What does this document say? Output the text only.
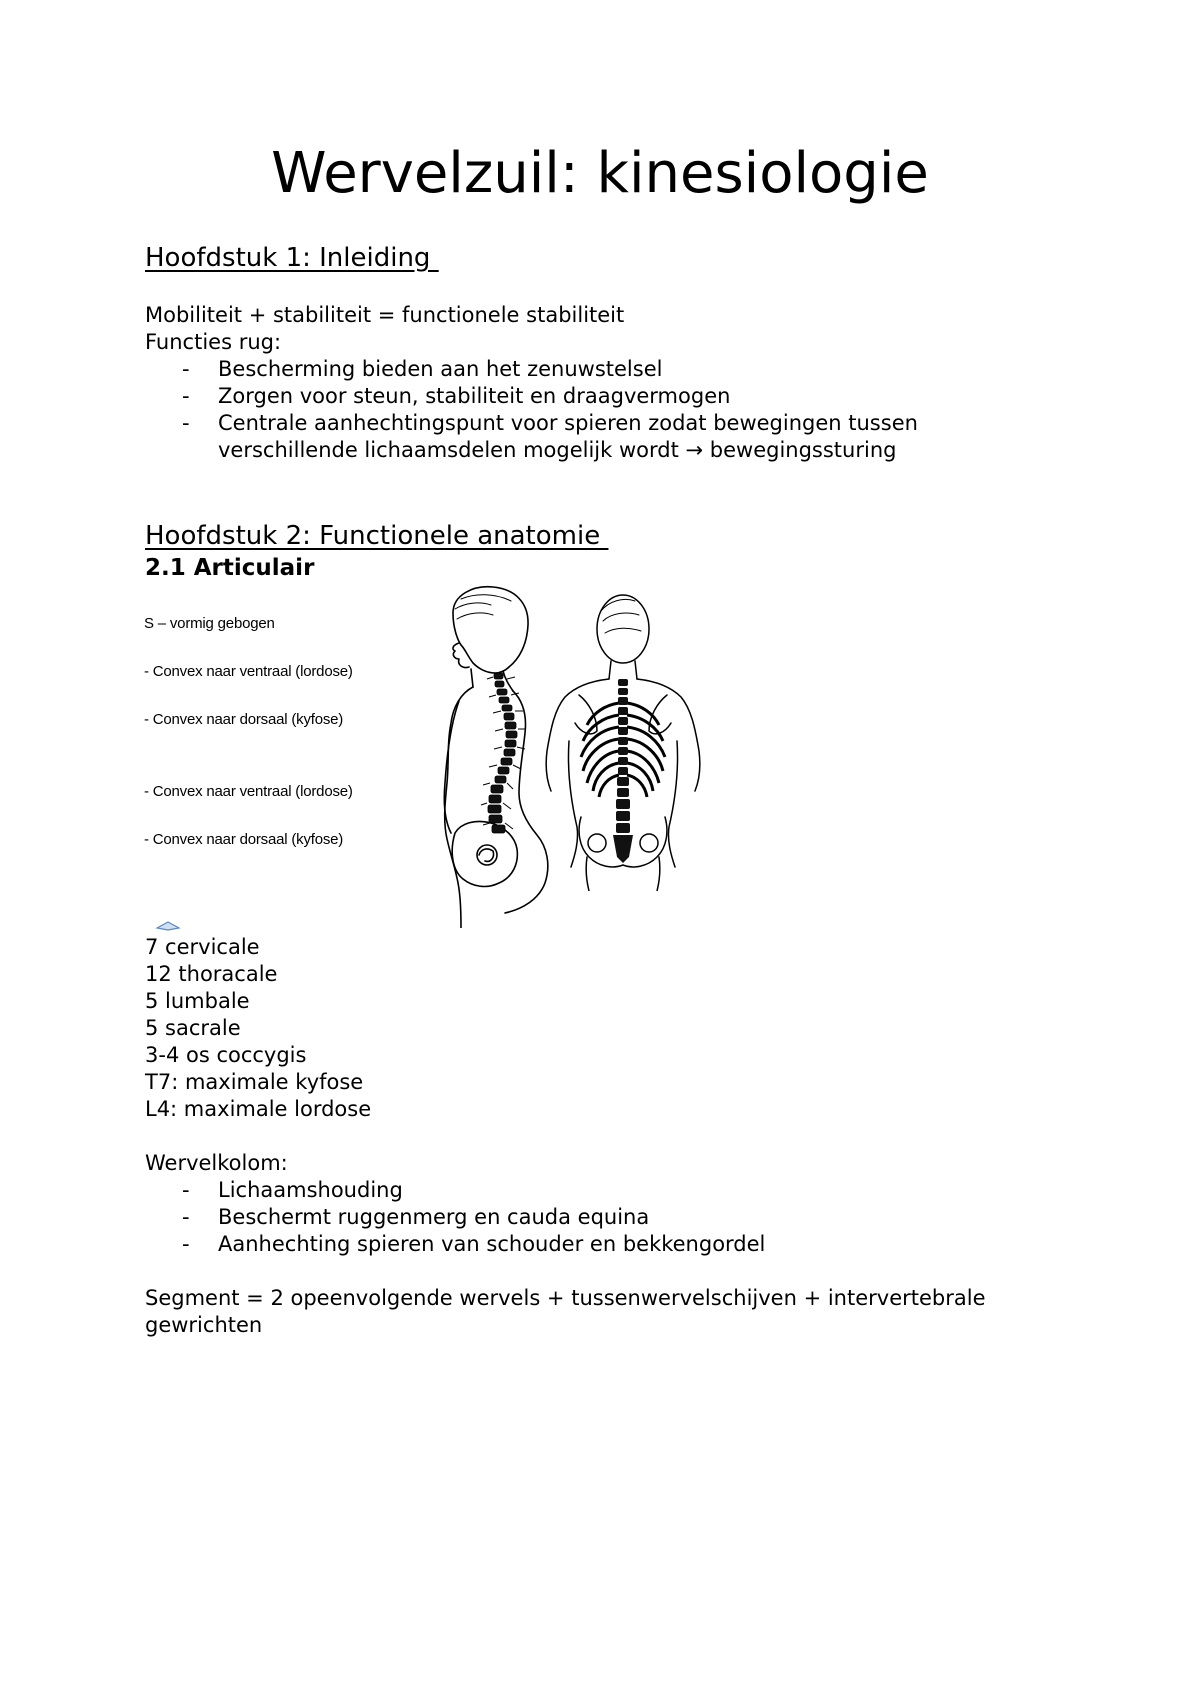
Wervelzuil: kinesiologie
Hoofdstuk 1: Inleiding
Mobiliteit + stabiliteit = functionele stabiliteit
Functies rug:
- Bescherming bieden aan het zenuwstelsel
- Zorgen voor steun, stabiliteit en draagvermogen
- Centrale aanhechtingspunt voor spieren zodat bewegingen tussen verschillende lichaamsdelen mogelijk wordt → bewegingssturing
Hoofdstuk 2: Functionele anatomie
2.1 Articulair
S – vormig gebogen
- Convex naar ventraal (lordose)
- Convex naar dorsaal (kyfose)
- Convex naar ventraal (lordose)
- Convex naar dorsaal (kyfose)
7 cervicale
12 thoracale
5 lumbale
5 sacrale
3-4 os coccygis
T7: maximale kyfose
L4: maximale lordose
Wervelkolom:
- Lichaamshouding
- Beschermt ruggenmerg en cauda equina
- Aanhechting spieren van schouder en bekkengordel
Segment = 2 opeenvolgende wervels + tussenwervelschijven + intervertebrale
gewrichten
